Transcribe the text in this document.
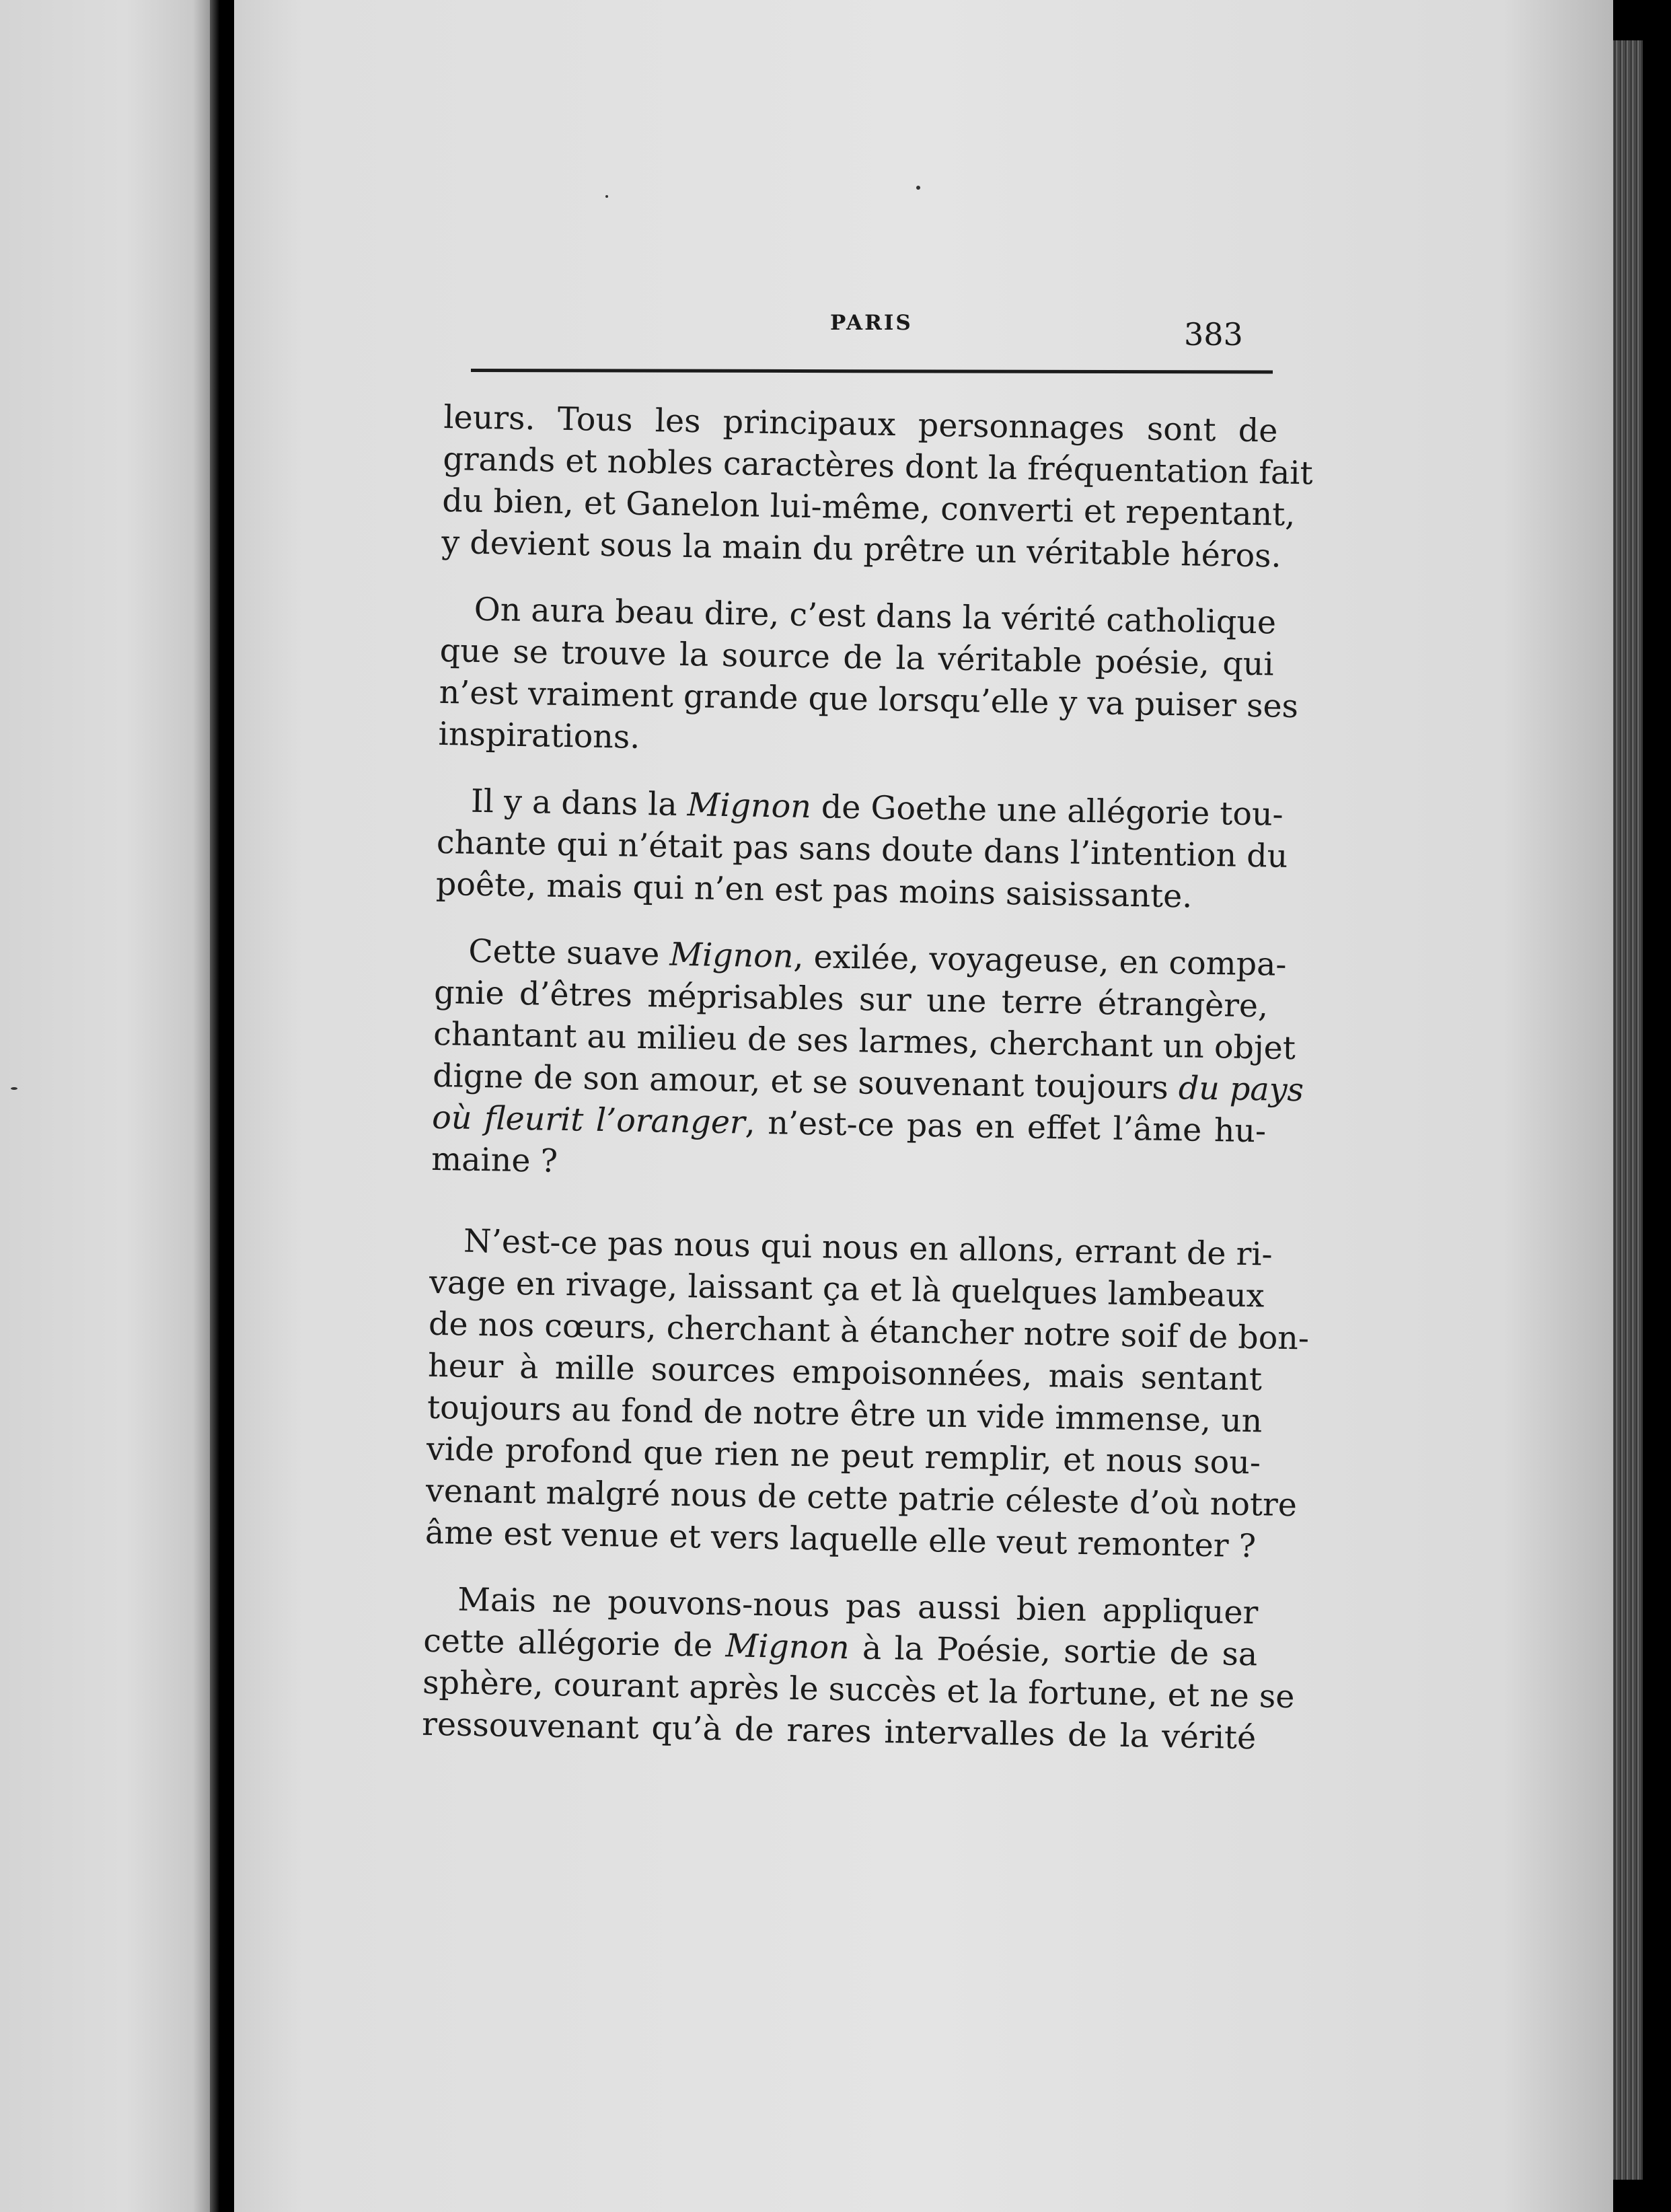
PARIS	383
leurs. Tous les principaux personnages sont de
grands et nobles caractères dont la fréquentation fait
du bien, et Ganelon lui-même, converti et repentant,
y devient sous la main du prêtre un véritable héros.
On aura beau dire, c’est dans la vérité catholique
que se trouve la source de la véritable poésie, qui
n’est vraiment grande que lorsqu’elle y va puiser ses
inspirations.
Il y a dans la Mignon de Goethe une allégorie tou-
chante qui n’était pas sans doute dans l’intention du
poête, mais qui n’en est pas moins saisissante.
Cette suave Mignon, exilée, voyageuse, en compa-
gnie d’êtres méprisables sur une terre étrangère,
chantant au milieu de ses larmes, cherchant un objet
digne de son amour, et se souvenant toujours du pays
où fleurit l’oranger, n’est-ce pas en effet l’âme hu-
maine ?
N’est-ce pas nous qui nous en allons, errant de ri-
vage en rivage, laissant ça et là quelques lambeaux
de nos cœurs, cherchant à étancher notre soif de bon-
heur à mille sources empoisonnées, mais sentant
toujours au fond de notre être un vide immense, un
vide profond que rien ne peut remplir, et nous sou-
venant malgré nous de cette patrie céleste d’où notre
âme est venue et vers laquelle elle veut remonter ?
Mais ne pouvons-nous pas aussi bien appliquer
cette allégorie de Mignon à la Poésie, sortie de sa
sphère, courant après le succès et la fortune, et ne se
ressouvenant qu’à de rares intervalles de la vérité
